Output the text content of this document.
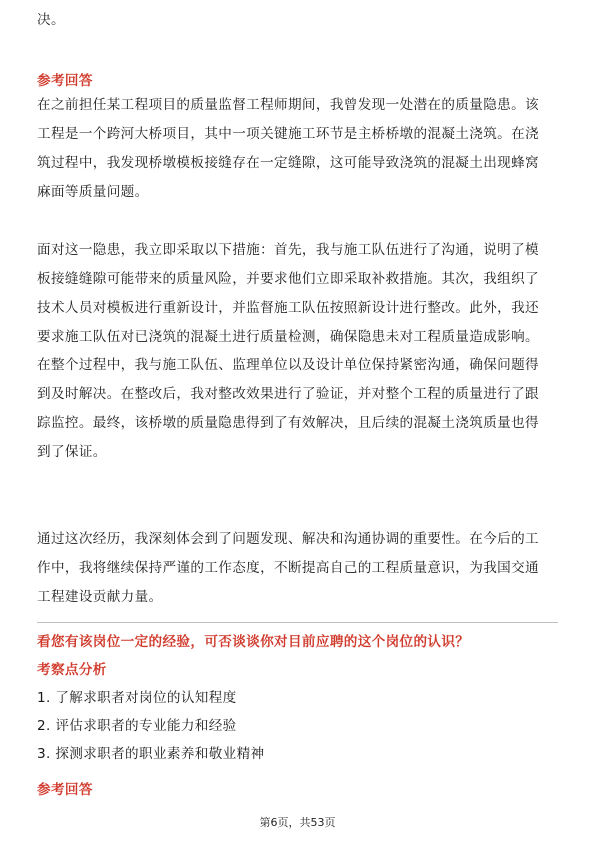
决。
参考回答
在之前担任某工程项目的质量监督工程师期间，我曾发现一处潜在的质量隐患。该
工程是一个跨河大桥项目，其中一项关键施工环节是主桥桥墩的混凝土浇筑。在浇
筑过程中，我发现桥墩模板接缝存在一定缝隙，这可能导致浇筑的混凝土出现蜂窝
麻面等质量问题。
面对这一隐患，我立即采取以下措施：首先，我与施工队伍进行了沟通，说明了模
板接缝缝隙可能带来的质量风险，并要求他们立即采取补救措施。其次，我组织了
技术人员对模板进行重新设计，并监督施工队伍按照新设计进行整改。此外，我还
要求施工队伍对已浇筑的混凝土进行质量检测，确保隐患未对工程质量造成影响。
在整个过程中，我与施工队伍、监理单位以及设计单位保持紧密沟通，确保问题得
到及时解决。在整改后，我对整改效果进行了验证，并对整个工程的质量进行了跟
踪监控。最终，该桥墩的质量隐患得到了有效解决，且后续的混凝土浇筑质量也得
到了保证。
通过这次经历，我深刻体会到了问题发现、解决和沟通协调的重要性。在今后的工
作中，我将继续保持严谨的工作态度，不断提高自己的工程质量意识，为我国交通
工程建设贡献力量。
看您有该岗位一定的经验，可否谈谈你对目前应聘的这个岗位的认识？
考察点分析
1. 了解求职者对岗位的认知程度
2. 评估求职者的专业能力和经验
3. 探测求职者的职业素养和敬业精神
参考回答
第6页，共53页
